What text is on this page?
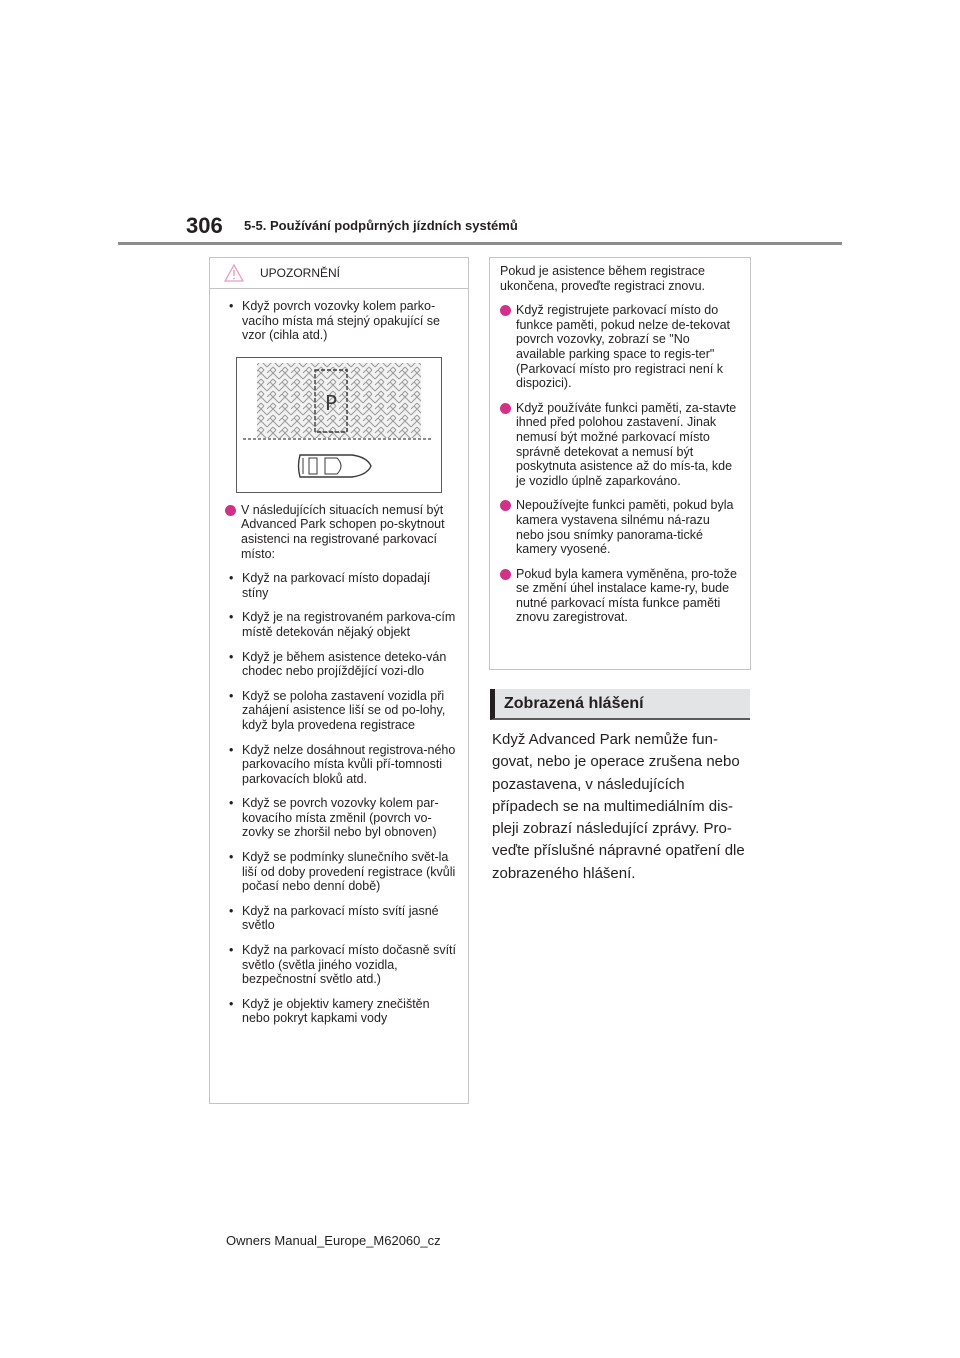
306 5-5. Používání podpůrných jízdních systémů
UPOZORNĚNÍ
• Když povrch vozovky kolem parko-vacího místa má stejný opakující se vzor (cihla atd.)
P
V následujících situacích nemusí být Advanced Park schopen po-skytnout asistenci na registrované parkovací místo:
• Když na parkovací místo dopadají stíny
• Když je na registrovaném parkova-cím místě detekován nějaký objekt
• Když je během asistence deteko-ván chodec nebo projíždějící vozi-dlo
• Když se poloha zastavení vozidla při zahájení asistence liší se od po-lohy, když byla provedena registrace
• Když nelze dosáhnout registrova-ného parkovacího místa kvůli pří-tomnosti parkovacích bloků atd.
• Když se povrch vozovky kolem par-kovacího místa změnil (povrch vo-zovky se zhoršil nebo byl obnoven)
• Když se podmínky slunečního svět-la liší od doby provedení registrace (kvůli počasí nebo denní době)
• Když na parkovací místo svítí jasné světlo
• Když na parkovací místo dočasně svítí světlo (světla jiného vozidla, bezpečnostní světlo atd.)
• Když je objektiv kamery znečištěn nebo pokryt kapkami vody
Pokud je asistence během registrace ukončena, proveďte registraci znovu.
Když registrujete parkovací místo do funkce paměti, pokud nelze de-tekovat povrch vozovky, zobrazí se "No available parking space to regis-ter" (Parkovací místo pro registraci není k dispozici).
Když používáte funkci paměti, za-stavte ihned před polohou zastavení. Jinak nemusí být možné parkovací místo správně detekovat a nemusí být poskytnuta asistence až do mís-ta, kde je vozidlo úplně zaparkováno.
Nepoužívejte funkci paměti, pokud byla kamera vystavena silnému ná-razu nebo jsou snímky panorama-tické kamery vyosené.
Pokud byla kamera vyměněna, pro-tože se změní úhel instalace kame-ry, bude nutné parkovací místa funkce paměti znovu zaregistrovat.
Zobrazená hlášení
Když Advanced Park nemůže fun-govat, nebo je operace zrušena nebo pozastavena, v následujících případech se na multimediálním dis-pleji zobrazí následující zprávy. Pro-veďte příslušné nápravné opatření dle zobrazeného hlášení.
Owners Manual_Europe_M62060_cz
